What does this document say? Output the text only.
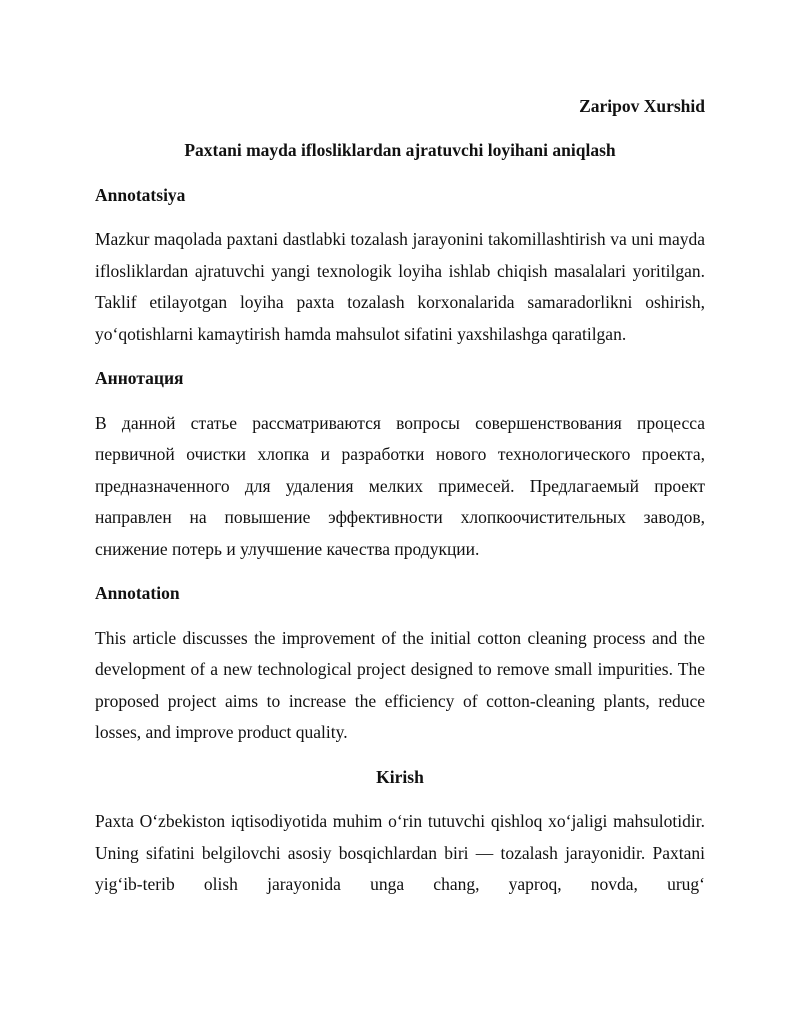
Zaripov Xurshid

Paxtani mayda iflosliklardan ajratuvchi loyihani aniqlash

Annotatsiya

Mazkur maqolada paxtani dastlabki tozalash jarayonini takomillashtirish va uni mayda iflosliklardan ajratuvchi yangi texnologik loyiha ishlab chiqish masalalari yoritilgan. Taklif etilayotgan loyiha paxta tozalash korxonalarida samaradorlikni oshirish, yo‘qotishlarni kamaytirish hamda mahsulot sifatini yaxshilashga qaratilgan.

Аннотация

В данной статье рассматриваются вопросы совершенствования процесса первичной очистки хлопка и разработки нового технологического проекта, предназначенного для удаления мелких примесей. Предлагаемый проект направлен на повышение эффективности хлопкоочистительных заводов, снижение потерь и улучшение качества продукции.

Annotation

This article discusses the improvement of the initial cotton cleaning process and the development of a new technological project designed to remove small impurities. The proposed project aims to increase the efficiency of cotton-cleaning plants, reduce losses, and improve product quality.

Kirish

Paxta O‘zbekiston iqtisodiyotida muhim o‘rin tutuvchi qishloq xo‘jaligi mahsulotidir. Uning sifatini belgilovchi asosiy bosqichlardan biri — tozalash jarayonidir. Paxtani yig‘ib-terib olish jarayonida unga chang, yaproq, novda, urug‘
